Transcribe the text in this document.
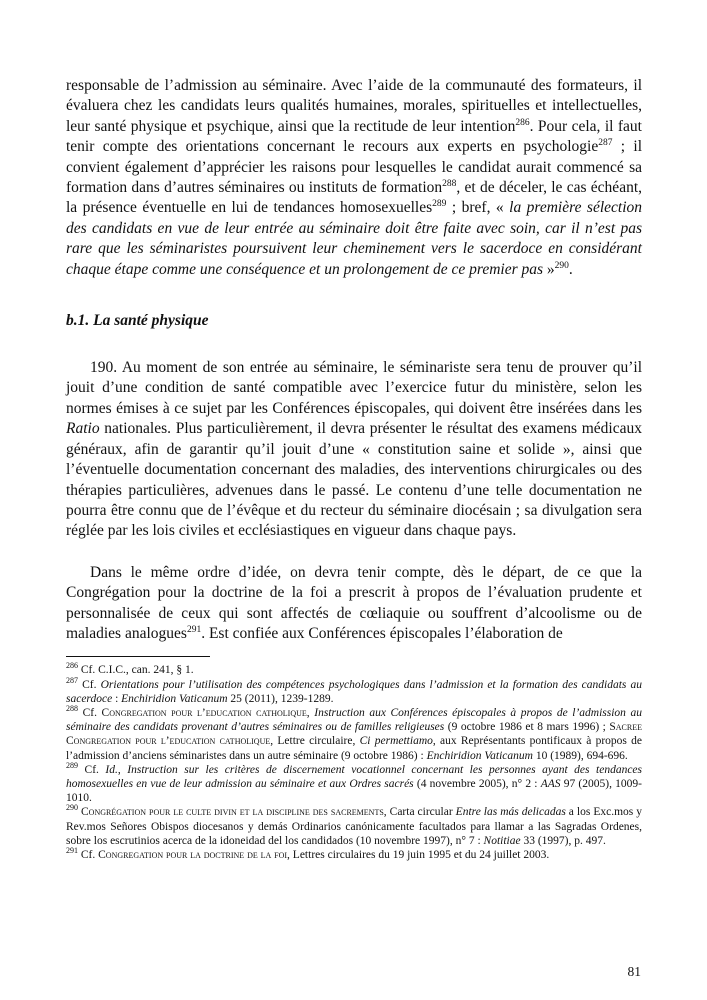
responsable de l’admission au séminaire. Avec l’aide de la communauté des formateurs, il évaluera chez les candidats leurs qualités humaines, morales, spirituelles et intellectuelles, leur santé physique et psychique, ainsi que la rectitude de leur intention$^{286}$. Pour cela, il faut tenir compte des orientations concernant le recours aux experts en psychologie$^{287}$ ; il convient également d’apprécier les raisons pour lesquelles le candidat aurait commencé sa formation dans d’autres séminaires ou instituts de formation$^{288}$, et de déceler, le cas échéant, la présence éventuelle en lui de tendances homosexuelles$^{289}$ ; bref, « la première sélection des candidats en vue de leur entrée au séminaire doit être faite avec soin, car il n’est pas rare que les séminaristes poursuivent leur cheminement vers le sacerdoce en considérant chaque étape comme une conséquence et un prolongement de ce premier pas »$^{290}$.

b.1. La santé physique

190. Au moment de son entrée au séminaire, le séminariste sera tenu de prouver qu’il jouit d’une condition de santé compatible avec l’exercice futur du ministère, selon les normes émises à ce sujet par les Conférences épiscopales, qui doivent être insérées dans les Ratio nationales. Plus particulièrement, il devra présenter le résultat des examens médicaux généraux, afin de garantir qu’il jouit d’une « constitution saine et solide », ainsi que l’éventuelle documentation concernant des maladies, des interventions chirurgicales ou des thérapies particulières, advenues dans le passé. Le contenu d’une telle documentation ne pourra être connu que de l’évêque et du recteur du séminaire diocésain ; sa divulgation sera réglée par les lois civiles et ecclésiastiques en vigueur dans chaque pays.

Dans le même ordre d’idée, on devra tenir compte, dès le départ, de ce que la Congrégation pour la doctrine de la foi a prescrit à propos de l’évaluation prudente et personnalisée de ceux qui sont affectés de cœliaquie ou souffrent d’alcoolisme ou de maladies analogues$^{291}$. Est confiée aux Conférences épiscopales l’élaboration de

$^{286}$ Cf. C.I.C., can. 241, § 1.

$^{287}$ Cf. Orientations pour l’utilisation des compétences psychologiques dans l’admission et la formation des candidats au sacerdoce : Enchiridion Vaticanum 25 (2011), 1239-1289.

$^{288}$ Cf. Congregation pour l’education catholique, Instruction aux Conférences épiscopales à propos de l’admission au séminaire des candidats provenant d’autres séminaires ou de familles religieuses (9 octobre 1986 et 8 mars 1996) ; Sacree Congregation pour l’education catholique, Lettre circulaire, Ci permettiamo, aux Représentants pontificaux à propos de l’admission d’anciens séminaristes dans un autre séminaire (9 octobre 1986) : Enchiridion Vaticanum 10 (1989), 694-696.

$^{289}$ Cf. Id., Instruction sur les critères de discernement vocationnel concernant les personnes ayant des tendances homosexuelles en vue de leur admission au séminaire et aux Ordres sacrés (4 novembre 2005), n° 2 : AAS 97 (2005), 1009-1010.

$^{290}$ Congrégation pour le culte divin et la discipline des sacrements, Carta circular Entre las más delicadas a los Exc.mos y Rev.mos Señores Obispos diocesanos y demás Ordinarios canónicamente facultados para llamar a las Sagradas Ordenes, sobre los escrutinios acerca de la idoneidad del los candidados (10 novembre 1997), n° 7 : Notitiae 33 (1997), p. 497.

$^{291}$ Cf. Congregation pour la doctrine de la foi, Lettres circulaires du 19 juin 1995 et du 24 juillet 2003.

81
